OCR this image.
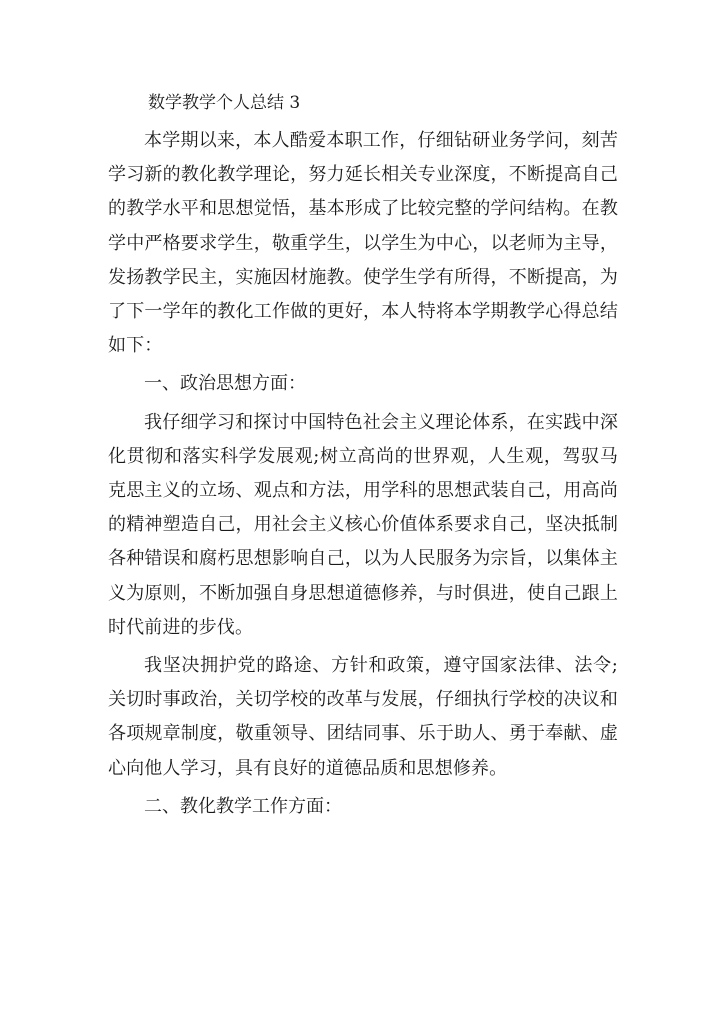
数学教学个人总结 3

本学期以来，本人酷爱本职工作，仔细钻研业务学问，刻苦学习新的教化教学理论，努力延长相关专业深度，不断提高自己的教学水平和思想觉悟，基本形成了比较完整的学问结构。在教学中严格要求学生，敬重学生，以学生为中心，以老师为主导，发扬教学民主，实施因材施教。使学生学有所得，不断提高，为了下一学年的教化工作做的更好，本人特将本学期教学心得总结如下：

一、政治思想方面：

我仔细学习和探讨中国特色社会主义理论体系，在实践中深化贯彻和落实科学发展观;树立高尚的世界观，人生观，驾驭马克思主义的立场、观点和方法，用学科的思想武装自己，用高尚的精神塑造自己，用社会主义核心价值体系要求自己，坚决抵制各种错误和腐朽思想影响自己，以为人民服务为宗旨，以集体主义为原则，不断加强自身思想道德修养，与时俱进，使自己跟上时代前进的步伐。

我坚决拥护党的路途、方针和政策，遵守国家法律、法令;关切时事政治，关切学校的改革与发展，仔细执行学校的决议和各项规章制度，敬重领导、团结同事、乐于助人、勇于奉献、虚心向他人学习，具有良好的道德品质和思想修养。

二、教化教学工作方面：
